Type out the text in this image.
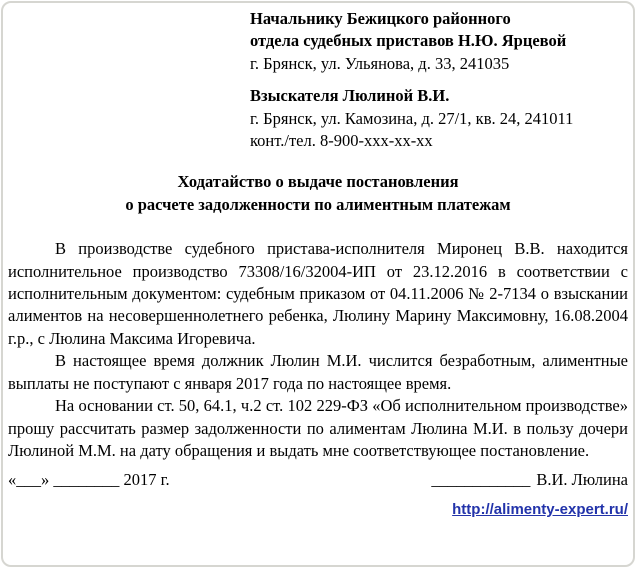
Начальнику Бежицкого районного
отдела судебных приставов Н.Ю. Ярцевой
г. Брянск, ул. Ульянова, д. 33, 241035
Взыскателя Люлиной В.И.
г. Брянск, ул. Камозина, д. 27/1, кв. 24, 241011
конт./тел. 8-900-xxx-xx-xx
Ходатайство о выдаче постановления
о расчете задолженности по алиментным платежам

В производстве судебного пристава-исполнителя Миронец В.В. находится исполнительное производство 73308/16/32004-ИП от 23.12.2016 в соответствии с исполнительным документом: судебным приказом от 04.11.2006 № 2-7134 о взыскании алиментов на несовершеннолетнего ребенка, Люлину Марину Максимовну, 16.08.2004 г.р., с Люлина Максима Игоревича.

В настоящее время должник Люлин М.И. числится безработным, алиментные выплаты не поступают с января 2017 года по настоящее время.

На основании ст. 50, 64.1, ч.2 ст. 102 229-ФЗ «Об исполнительном производстве» прошу рассчитать размер задолженности по алиментам Люлина М.И. в пользу дочери Люлиной М.М. на дату обращения и выдать мне соответствующее постановление.

«___» ________ 2017 г.	____________ В.И. Люлина
http://alimenty-expert.ru/
